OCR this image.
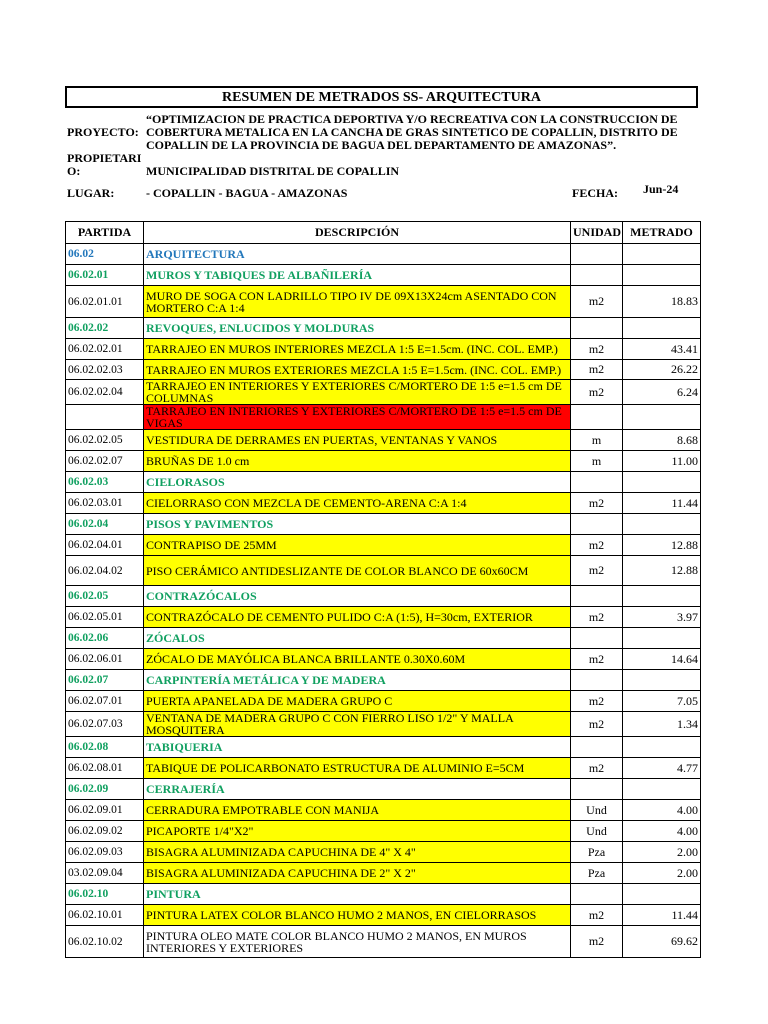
RESUMEN DE METRADOS SS- ARQUITECTURA
PROYECTO:
“OPTIMIZACION DE PRACTICA DEPORTIVA Y/O RECREATIVA CON LA CONSTRUCCION DE COBERTURA METALICA EN LA CANCHA DE GRAS SINTETICO DE COPALLIN, DISTRITO DE COPALLIN DE LA PROVINCIA DE BAGUA DEL DEPARTAMENTO DE AMAZONAS”.
PROPIETARI
O:	MUNICIPALIDAD DISTRITAL DE COPALLIN
LUGAR:	- COPALLIN - BAGUA - AMAZONAS	FECHA: Jun-24
PARTIDA	DESCRIPCIÓN	UNIDAD	METRADO
06.02	ARQUITECTURA		
06.02.01	MUROS Y TABIQUES DE ALBAÑILERÍA		
06.02.01.01	MURO DE SOGA CON LADRILLO TIPO IV DE 09X13X24cm ASENTADO CON MORTERO C:A 1:4	m2	18.83
06.02.02	REVOQUES, ENLUCIDOS Y MOLDURAS		
06.02.02.01	TARRAJEO EN MUROS INTERIORES MEZCLA 1:5 E=1.5cm. (INC. COL. EMP.)	m2	43.41
06.02.02.03	TARRAJEO EN MUROS EXTERIORES MEZCLA 1:5 E=1.5cm. (INC. COL. EMP.)	m2	26.22
06.02.02.04	TARRAJEO EN INTERIORES Y EXTERIORES C/MORTERO DE 1:5 e=1.5 cm DE COLUMNAS	m2	6.24
	TARRAJEO EN INTERIORES Y EXTERIORES C/MORTERO DE 1:5 e=1.5 cm DE VIGAS		
06.02.02.05	VESTIDURA DE DERRAMES EN PUERTAS, VENTANAS Y VANOS	m	8.68
06.02.02.07	BRUÑAS DE 1.0 cm	m	11.00
06.02.03	CIELORASOS		
06.02.03.01	CIELORRASO CON MEZCLA DE CEMENTO-ARENA C:A 1:4	m2	11.44
06.02.04	PISOS Y PAVIMENTOS		
06.02.04.01	CONTRAPISO DE 25MM	m2	12.88
06.02.04.02	PISO CERÁMICO ANTIDESLIZANTE DE COLOR BLANCO DE 60x60CM	m2	12.88
06.02.05	CONTRAZÓCALOS		
06.02.05.01	CONTRAZÓCALO DE CEMENTO PULIDO C:A (1:5), H=30cm, EXTERIOR	m2	3.97
06.02.06	ZÓCALOS		
06.02.06.01	ZÓCALO DE MAYÓLICA BLANCA BRILLANTE 0.30X0.60M	m2	14.64
06.02.07	CARPINTERÍA METÁLICA Y DE MADERA		
06.02.07.01	PUERTA APANELADA DE MADERA GRUPO C	m2	7.05
06.02.07.03	VENTANA DE MADERA GRUPO C CON FIERRO LISO 1/2" Y MALLA MOSQUITERA	m2	1.34
06.02.08	TABIQUERIA		
06.02.08.01	TABIQUE DE POLICARBONATO ESTRUCTURA DE ALUMINIO E=5CM	m2	4.77
06.02.09	CERRAJERÍA		
06.02.09.01	CERRADURA EMPOTRABLE CON MANIJA	Und	4.00
06.02.09.02	PICAPORTE 1/4"X2"	Und	4.00
06.02.09.03	BISAGRA ALUMINIZADA CAPUCHINA DE 4" X 4"	Pza	2.00
03.02.09.04	BISAGRA ALUMINIZADA CAPUCHINA DE 2" X 2"	Pza	2.00
06.02.10	PINTURA		
06.02.10.01	PINTURA LATEX COLOR BLANCO HUMO 2 MANOS, EN CIELORRASOS	m2	11.44
06.02.10.02	PINTURA OLEO MATE COLOR BLANCO HUMO 2 MANOS, EN MUROS INTERIORES Y EXTERIORES	m2	69.62
